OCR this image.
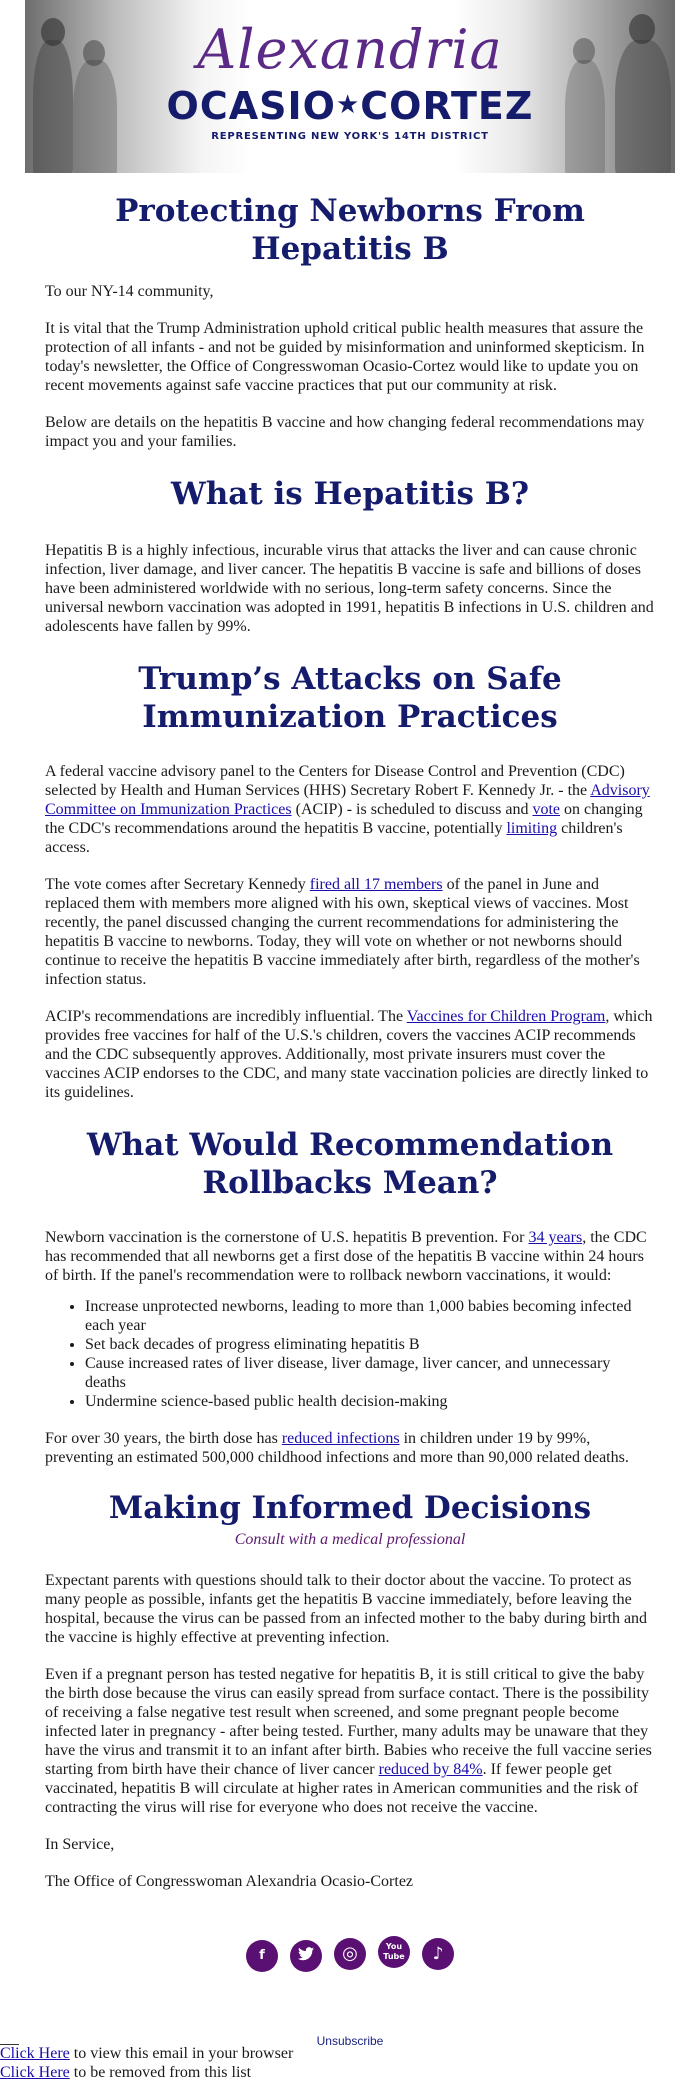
Alexandria
OCASIO★CORTEZ
REPRESENTING NEW YORK'S 14TH DISTRICT
Protecting Newborns From Hepatitis B

To our NY-14 community,

It is vital that the Trump Administration uphold critical public health measures that assure the protection of all infants - and not be guided by misinformation and uninformed skepticism. In today's newsletter, the Office of Congresswoman Ocasio-Cortez would like to update you on recent movements against safe vaccine practices that put our community at risk.

Below are details on the hepatitis B vaccine and how changing federal recommendations may impact you and your families.

What is Hepatitis B?

Hepatitis B is a highly infectious, incurable virus that attacks the liver and can cause chronic infection, liver damage, and liver cancer. The hepatitis B vaccine is safe and billions of doses have been administered worldwide with no serious, long-term safety concerns. Since the universal newborn vaccination was adopted in 1991, hepatitis B infections in U.S. children and adolescents have fallen by 99%.

Trump’s Attacks on Safe Immunization Practices

A federal vaccine advisory panel to the Centers for Disease Control and Prevention (CDC) selected by Health and Human Services (HHS) Secretary Robert F. Kennedy Jr. - the Advisory Committee on Immunization Practices (ACIP) - is scheduled to discuss and vote on changing the CDC's recommendations around the hepatitis B vaccine, potentially limiting children's access.

The vote comes after Secretary Kennedy fired all 17 members of the panel in June and replaced them with members more aligned with his own, skeptical views of vaccines. Most recently, the panel discussed changing the current recommendations for administering the hepatitis B vaccine to newborns. Today, they will vote on whether or not newborns should continue to receive the hepatitis B vaccine immediately after birth, regardless of the mother's infection status.

ACIP's recommendations are incredibly influential. The Vaccines for Children Program, which provides free vaccines for half of the U.S.'s children, covers the vaccines ACIP recommends and the CDC subsequently approves. Additionally, most private insurers must cover the vaccines ACIP endorses to the CDC, and many state vaccination policies are directly linked to its guidelines.

What Would Recommendation Rollbacks Mean?

Newborn vaccination is the cornerstone of U.S. hepatitis B prevention. For 34 years, the CDC has recommended that all newborns get a first dose of the hepatitis B vaccine within 24 hours of birth. If the panel's recommendation were to rollback newborn vaccinations, it would:

• Increase unprotected newborns, leading to more than 1,000 babies becoming infected each year
• Set back decades of progress eliminating hepatitis B
• Cause increased rates of liver disease, liver damage, liver cancer, and unnecessary deaths
• Undermine science-based public health decision-making

For over 30 years, the birth dose has reduced infections in children under 19 by 99%, preventing an estimated 500,000 childhood infections and more than 90,000 related deaths.

Making Informed Decisions
Consult with a medical professional

Expectant parents with questions should talk to their doctor about the vaccine. To protect as many people as possible, infants get the hepatitis B vaccine immediately, before leaving the hospital, because the virus can be passed from an infected mother to the baby during birth and the vaccine is highly effective at preventing infection.

Even if a pregnant person has tested negative for hepatitis B, it is still critical to give the baby the birth dose because the virus can easily spread from surface contact. There is the possibility of receiving a false negative test result when screened, and some pregnant people become infected later in pregnancy - after being tested. Further, many adults may be unaware that they have the virus and transmit it to an infant after birth. Babies who receive the full vaccine series starting from birth have their chance of liver cancer reduced by 84%. If fewer people get vaccinated, hepatitis B will circulate at higher rates in American communities and the risk of contracting the virus will rise for everyone who does not receive the vaccine.

In Service,

The Office of Congresswoman Alexandria Ocasio-Cortez

f	◎	You Tube ♪
Unsubscribe
Click Here to view this email in your browser
Click Here to be removed from this list
